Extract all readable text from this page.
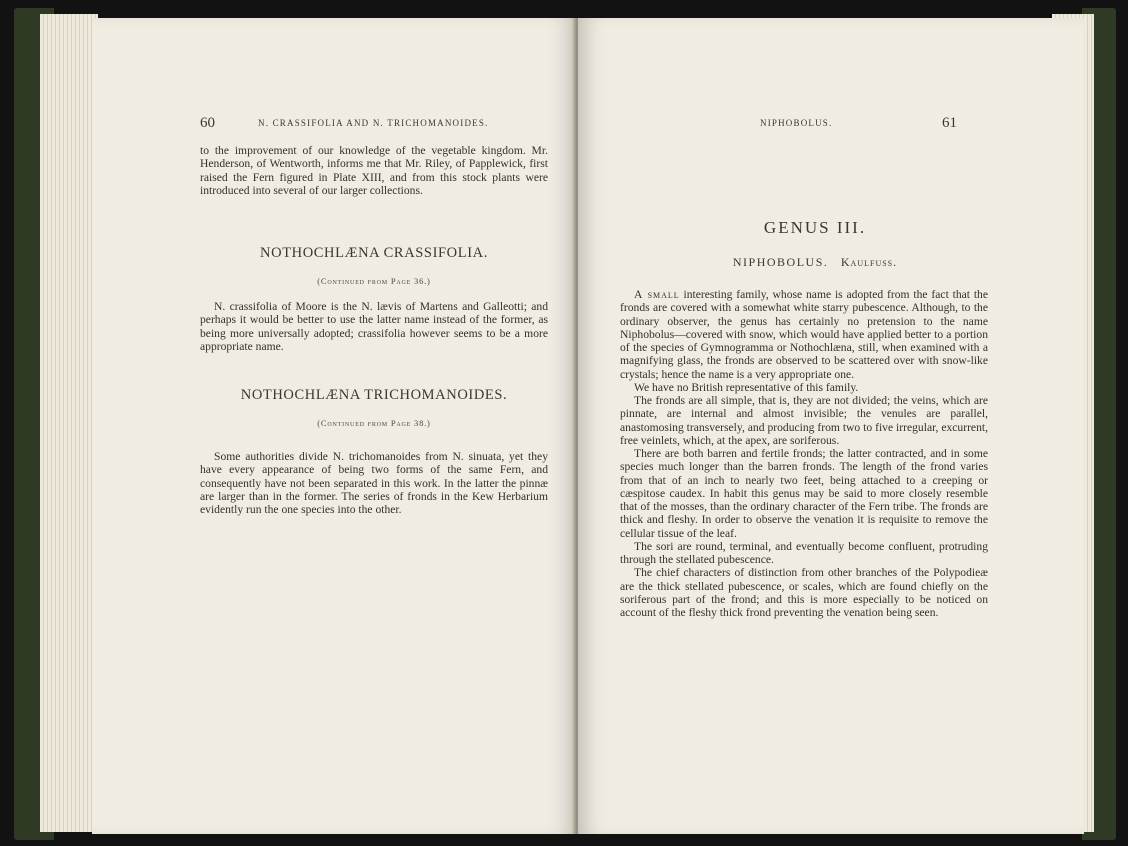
60	N. CRASSIFOLIA AND N. TRICHOMANOIDES.

to the improvement of our knowledge of the vegetable kingdom. Mr. Henderson, of Wentworth, informs me that Mr. Riley, of Papplewick, first raised the Fern figured in Plate XIII, and from this stock plants were introduced into several of our larger collections.

NOTHOCHLÆNA CRASSIFOLIA.
(Continued from Page 36.)

N. crassifolia of Moore is the N. lævis of Martens and Galleotti; and perhaps it would be better to use the latter name instead of the former, as being more universally adopted; crassifolia however seems to be a more appropriate name.

NOTHOCHLÆNA TRICHOMANOIDES.
(Continued from Page 38.)

Some authorities divide N. trichomanoides from N. sinuata, yet they have every appearance of being two forms of the same Fern, and consequently have not been separated in this work. In the latter the pinnæ are larger than in the former. The series of fronds in the Kew Herbarium evidently run the one species into the other.

NIPHOBOLUS.	61
GENUS III.
NIPHOBOLUS. Kaulfuss.

A small interesting family, whose name is adopted from the fact that the fronds are covered with a somewhat white starry pubescence. Although, to the ordinary observer, the genus has certainly no pretension to the name Niphobolus—covered with snow, which would have applied better to a portion of the species of Gymnogramma or Nothochlæna, still, when examined with a magnifying glass, the fronds are observed to be scattered over with snow-like crystals; hence the name is a very appropriate one.

We have no British representative of this family.

The fronds are all simple, that is, they are not divided; the veins, which are pinnate, are internal and almost invisible; the venules are parallel, anastomosing transversely, and producing from two to five irregular, excurrent, free veinlets, which, at the apex, are soriferous.

There are both barren and fertile fronds; the latter contracted, and in some species much longer than the barren fronds. The length of the frond varies from that of an inch to nearly two feet, being attached to a creeping or cæspitose caudex. In habit this genus may be said to more closely resemble that of the mosses, than the ordinary character of the Fern tribe. The fronds are thick and fleshy. In order to observe the venation it is requisite to remove the cellular tissue of the leaf.

The sori are round, terminal, and eventually become confluent, protruding through the stellated pubescence.

The chief characters of distinction from other branches of the Polypodieæ are the thick stellated pubescence, or scales, which are found chiefly on the soriferous part of the frond; and this is more especially to be noticed on account of the fleshy thick frond preventing the venation being seen.
